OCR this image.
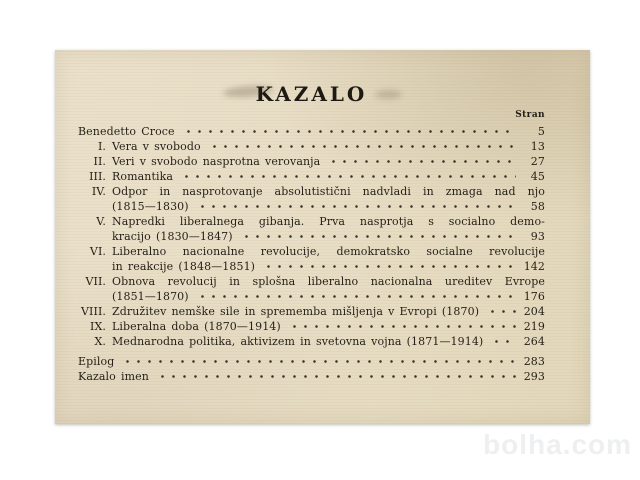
KAZALO
Stran
Benedetto Croce	5
I. Vera v svobodo	13
II. Veri v svobodo nasprotna verovanja	27
III. Romantika	45
IV. Odpor in nasprotovanje absolutistični nadvladi in zmaga nad njo
(1815—1830)	58
V. Napredki liberalnega gibanja. Prva nasprotja s socialno demo-
kracijo (1830—1847)	93
VI. Liberalno nacionalne revolucije, demokratsko socialne revolucije
in reakcije (1848—1851)	142
VII. Obnova revolucij in splošna liberalno nacionalna ureditev Evrope
(1851—1870)	176
VIII. Združitev nemške sile in sprememba mišljenja v Evropi (1870)	204
IX. Liberalna doba (1870—1914)	219
X. Mednarodna politika, aktivizem in svetovna vojna (1871—1914)	264
Epilog	283
Kazalo imen	293
bolha.com
